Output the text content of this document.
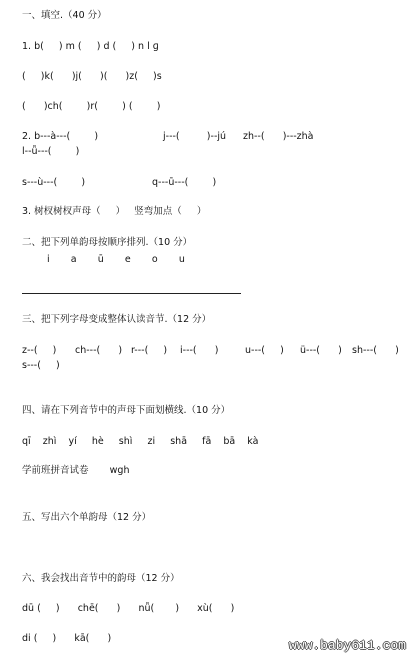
一、填空.（40 分）
1. b(     ) m (     ) d (     ) n l ɡ
(     )k(      )j(      )(      )z(     )s
(      )ch(        )r(        ) (        )
2. b---à---(        )	j---(         )--jú zh--(      )---zhà
l--ǚ---(        )
s---ù---(        )	q---ū---(        )
3. 树杈树杈声母（     ）   竖弯加点（     ）
二、把下列单韵母按顺序排列.（10 分）
i       a       ū       e       o       u
三、把下列字母变成整体认读音节.（12 分）
z--(     ) ch---(      ) r---(     ) i---(      )	u---(     ) ü---(      ) sh---(      )
s---(     )
四、请在下列音节中的声母下面划横线.（10 分）
qī    zhì    yí     hè     shì     zi     shā     fā    bā    kà
学前班拼音试卷       wgh
五、写出六个单韵母（12 分）
六、我会找出音节中的韵母（12 分）
dū (     )      chē(      )      nǚ(       )      xù(      )
di (     )      kā(      )	www.baby611.com
